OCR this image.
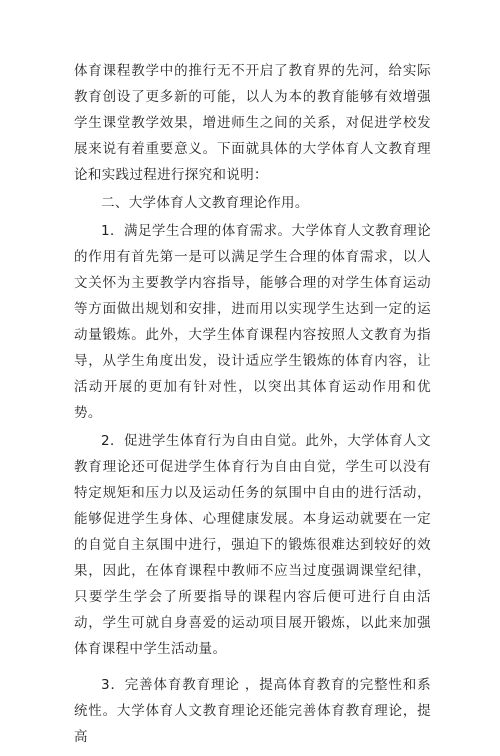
体育课程教学中的推行无不开启了教育界的先河，给实际教育创设了更多新的可能，以人为本的教育能够有效增强学生课堂教学效果，增进师生之间的关系，对促进学校发展来说有着重要意义。下面就具体的大学体育人文教育理论和实践过程进行探究和说明：

二、大学体育人文教育理论作用。

1．满足学生合理的体育需求。大学体育人文教育理论的作用有首先第一是可以满足学生合理的体育需求，以人文关怀为主要教学内容指导，能够合理的对学生体育运动等方面做出规划和安排，进而用以实现学生达到一定的运动量锻炼。此外，大学生体育课程内容按照人文教育为指导，从学生角度出发，设计适应学生锻炼的体育内容，让活动开展的更加有针对性，以突出其体育运动作用和优势。

2．促进学生体育行为自由自觉。此外，大学体育人文教育理论还可促进学生体育行为自由自觉，学生可以没有特定规矩和压力以及运动任务的氛围中自由的进行活动，能够促进学生身体、心理健康发展。本身运动就要在一定的自觉自主氛围中进行，强迫下的锻炼很难达到较好的效果，因此，在体育课程中教师不应当过度强调课堂纪律，只要学生学会了所要指导的课程内容后便可进行自由活动，学生可就自身喜爱的运动项目展开锻炼，以此来加强体育课程中学生活动量。

3．完善体育教育理论 ，提高体育教育的完整性和系统性。大学体育人文教育理论还能完善体育教育理论，提高
